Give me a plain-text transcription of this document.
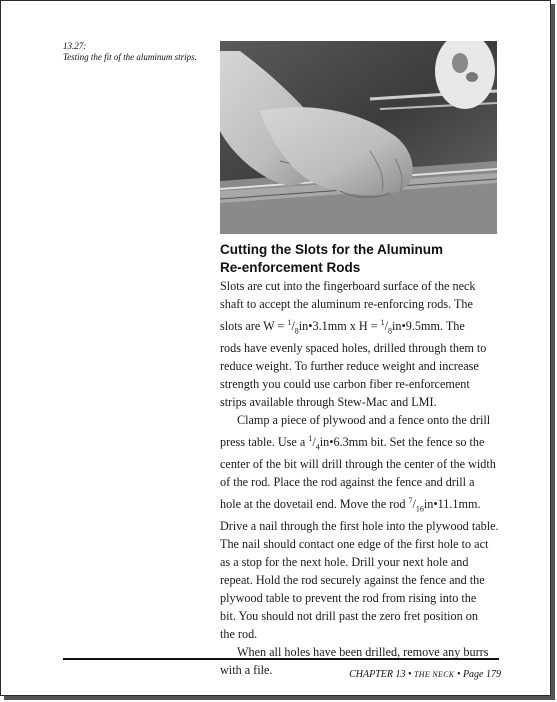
13.27:
Testing the fit of the aluminum strips.
Cutting the Slots for the Aluminum
Re-enforcement Rods

Slots are cut into the fingerboard surface of the neck
shaft to accept the aluminum re-enforcing rods. The
slots are $W = ^1/_8in•3.1mm$ x $H = ^1/_8in•9.5mm$. The
rods have evenly spaced holes, drilled through them to
reduce weight. To further reduce weight and increase
strength you could use carbon fiber re-enforcement
strips available through Stew-Mac and LMI.

Clamp a piece of plywood and a fence onto the drill
press table. Use a $^1/_4in•6.3mm$ bit. Set the fence so the
center of the bit will drill through the center of the width
of the rod. Place the rod against the fence and drill a
hole at the dovetail end. Move the rod $^7/_{16}in•11.1mm$.
Drive a nail through the first hole into the plywood table.
The nail should contact one edge of the first hole to act
as a stop for the next hole. Drill your next hole and
repeat. Hold the rod securely against the fence and the
plywood table to prevent the rod from rising into the
bit. You should not drill past the zero fret position on
the rod.

When all holes have been drilled, remove any burrs
with a file.	CHAPTER 13 • THE NECK • Page 179
